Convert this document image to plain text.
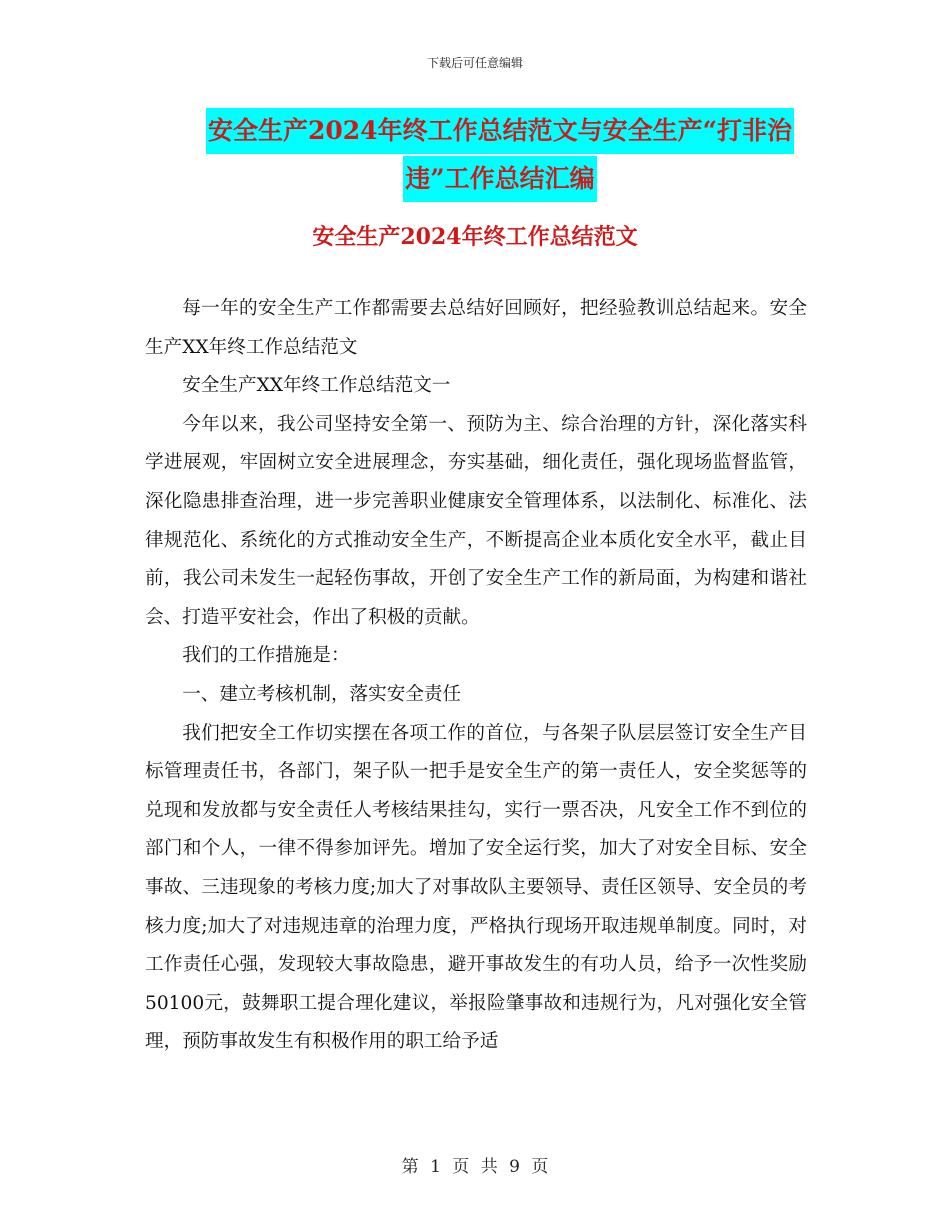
下载后可任意编辑
安全生产2024年终工作总结范文与安全生产“打非治
违”工作总结汇编
安全生产2024年终工作总结范文

每一年的安全生产工作都需要去总结好回顾好，把经验教训总结起来。安全生产XX年终工作总结范文

安全生产XX年终工作总结范文一

今年以来，我公司坚持安全第一、预防为主、综合治理的方针，深化落实科学进展观，牢固树立安全进展理念，夯实基础，细化责任，强化现场监督监管，深化隐患排查治理，进一步完善职业健康安全管理体系，以法制化、标准化、法律规范化、系统化的方式推动安全生产，不断提高企业本质化安全水平，截止目前，我公司未发生一起轻伤事故，开创了安全生产工作的新局面，为构建和谐社会、打造平安社会，作出了积极的贡献。

我们的工作措施是：

一、建立考核机制，落实安全责任

我们把安全工作切实摆在各项工作的首位，与各架子队层层签订安全生产目标管理责任书，各部门，架子队一把手是安全生产的第一责任人，安全奖惩等的兑现和发放都与安全责任人考核结果挂勾，实行一票否决，凡安全工作不到位的部门和个人，一律不得参加评先。增加了安全运行奖，加大了对安全目标、安全事故、三违现象的考核力度;加大了对事故队主要领导、责任区领导、安全员的考核力度;加大了对违规违章的治理力度，严格执行现场开取违规单制度。同时，对工作责任心强，发现较大事故隐患，避开事故发生的有功人员，给予一次性奖励50100元，鼓舞职工提合理化建议，举报险肇事故和违规行为，凡对强化安全管理，预防事故发生有积极作用的职工给予适

第 1 页 共 9 页
